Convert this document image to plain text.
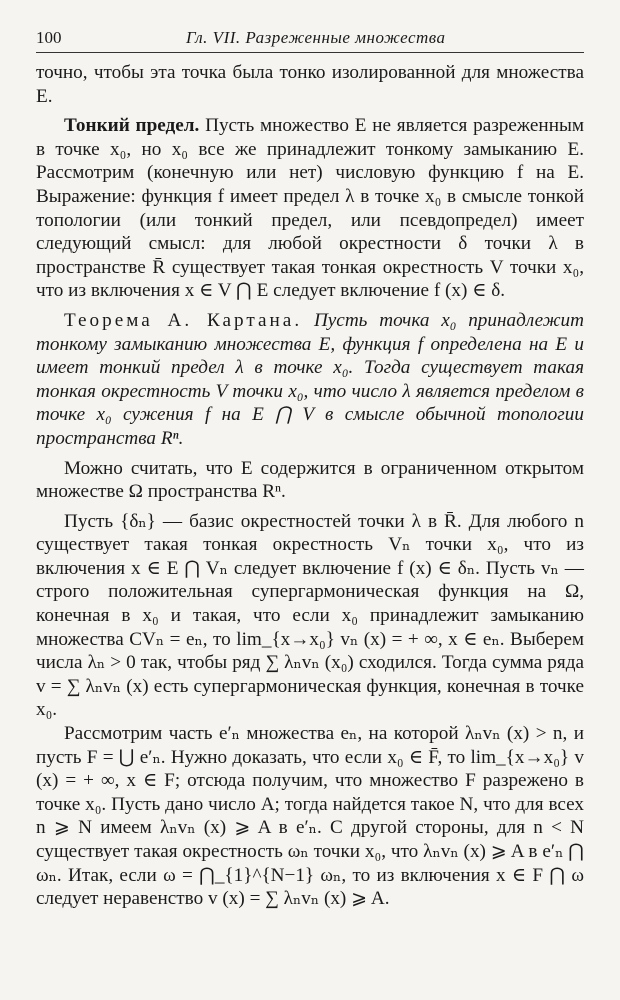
100	Гл. VII. Разреженные множества

точно, чтобы эта точка была тонко изолированной для множества E.

Тонкий предел. Пусть множество E не является разреженным в точке x₀, но x₀ все же принадлежит тонкому замыканию E. Рассмотрим (конечную или нет) числовую функцию f на E. Выражение: функция f имеет предел λ в точке x₀ в смысле тонкой топологии (или тонкий предел, или псевдопредел) имеет следующий смысл: для любой окрестности δ точки λ в пространстве R̄ существует такая тонкая окрестность V точки x₀, что из включения x ∈ V ⋂ E следует включение f (x) ∈ δ.

Теорема А. Картана. Пусть точка x₀ принадлежит тонкому замыканию множества E, функция f определена на E и имеет тонкий предел λ в точке x₀. Тогда существует такая тонкая окрестность V точки x₀, что число λ является пределом в точке x₀ сужения f на E ⋂ V в смысле обычной топологии пространства Rⁿ.

Можно считать, что E содержится в ограниченном открытом множестве Ω пространства Rⁿ.

Пусть {δₙ} — базис окрестностей точки λ в R̄. Для любого n существует такая тонкая окрестность Vₙ точки x₀, что из включения x ∈ E ⋂ Vₙ следует включение f (x) ∈ δₙ. Пусть vₙ — строго положительная супергармоническая функция на Ω, конечная в x₀ и такая, что если x₀ принадлежит замыканию множества CVₙ = eₙ, то lim_{x→x₀} vₙ (x) = + ∞, x ∈ eₙ. Выберем числа λₙ > 0 так, чтобы ряд ∑ λₙvₙ (x₀) сходился. Тогда сумма ряда v = ∑ λₙvₙ (x) есть супергармоническая функция, конечная в точке x₀.

Рассмотрим часть e′ₙ множества eₙ, на которой λₙvₙ (x) > n, и пусть F = ⋃ e′ₙ. Нужно доказать, что если x₀ ∈ F̄, то lim_{x→x₀} v (x) = + ∞, x ∈ F; отсюда получим, что множество F разрежено в точке x₀. Пусть дано число A; тогда найдется такое N, что для всех n ⩾ N имеем λₙvₙ (x) ⩾ A в e′ₙ. С другой стороны, для n < N существует такая окрестность ωₙ точки x₀, что λₙvₙ (x) ⩾ A в e′ₙ ⋂ ωₙ. Итак, если ω = ⋂_{1}^{N−1} ωₙ, то из включения x ∈ F ⋂ ω следует неравенство v (x) = ∑ λₙvₙ (x) ⩾ A.
